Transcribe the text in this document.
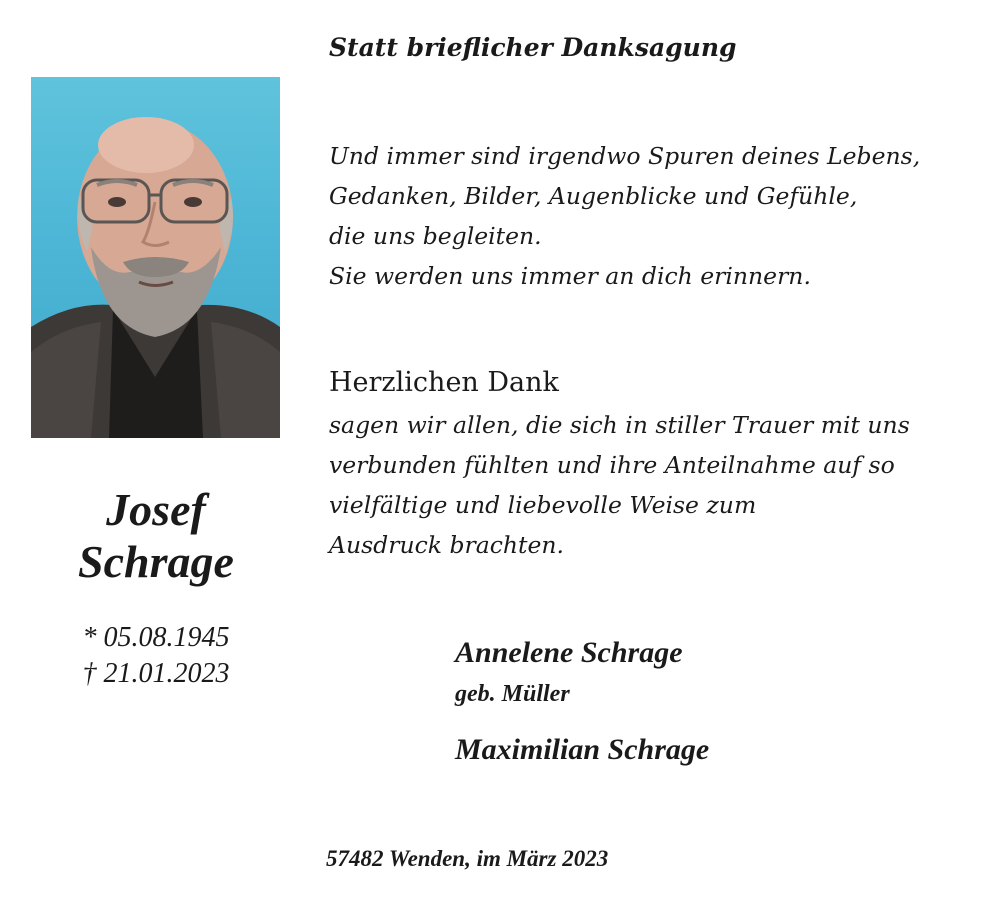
Statt brieflicher Danksagung
Josef
Schrage
* 05.08.1945
† 21.01.2023
Und immer sind irgendwo Spuren deines Lebens,
Gedanken, Bilder, Augenblicke und Gefühle,
die uns begleiten.
Sie werden uns immer an dich erinnern.
Herzlichen Dank
sagen wir allen, die sich in stiller Trauer mit uns
verbunden fühlten und ihre Anteilnahme auf so
vielfältige und liebevolle Weise zum
Ausdruck brachten.
Annelene Schrage
geb. Müller
Maximilian Schrage
57482 Wenden, im März 2023
